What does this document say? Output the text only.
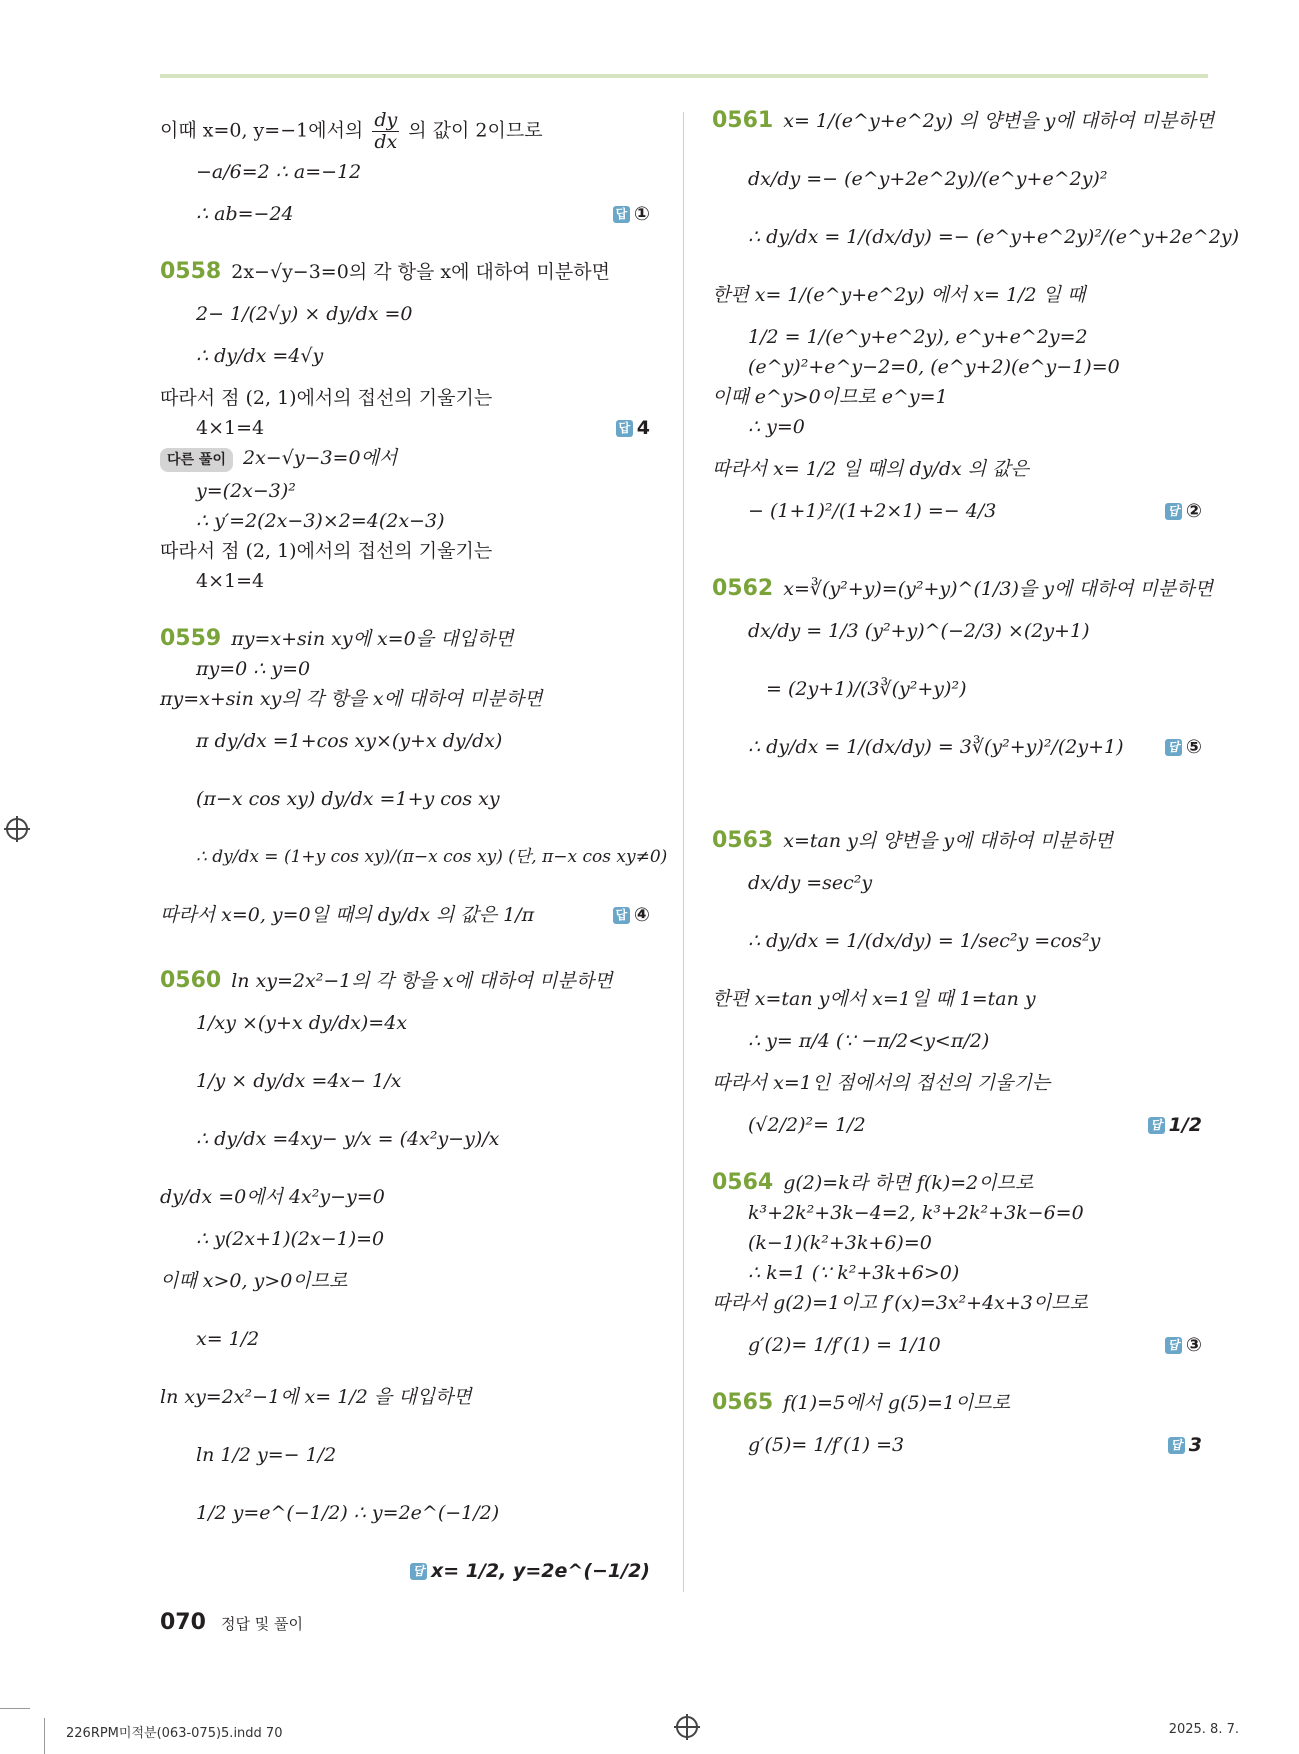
이때 x=0, y=−1에서의 $\frac{dy}{dx}$ 의 값이 2이므로
−a/6=2 ∴ a=−12
∴ ab=−24	답 ①
0558 2x−√y−3=0의 각 항을 x에 대하여 미분하면
2− 1/(2√y) × dy/dx =0
∴ dy/dx =4√y
따라서 점 (2, 1)에서의 접선의 기울기는
4×1=4	답 4
다른 풀이 2x−√y−3=0에서
y=(2x−3)²
∴ y′=2(2x−3)×2=4(2x−3)
따라서 점 (2, 1)에서의 접선의 기울기는
4×1=4
0559 πy=x+sin xy에 x=0을 대입하면
πy=0 ∴ y=0
πy=x+sin xy의 각 항을 x에 대하여 미분하면
π dy/dx =1+cos xy×(y+x dy/dx)
(π−x cos xy) dy/dx =1+y cos xy
∴ dy/dx = (1+y cos xy)/(π−x cos xy) (단, π−x cos xy≠0)
따라서 x=0, y=0일 때의 dy/dx 의 값은 1/π	답 ④
0560 ln xy=2x²−1의 각 항을 x에 대하여 미분하면
1/xy ×(y+x dy/dx)=4x
1/y × dy/dx =4x− 1/x
∴ dy/dx =4xy− y/x = (4x²y−y)/x
dy/dx =0에서 4x²y−y=0
∴ y(2x+1)(2x−1)=0
이때 x>0, y>0이므로
x= 1/2
ln xy=2x²−1에 x= 1/2 을 대입하면
ln 1/2 y=− 1/2
1/2 y=e^(−1/2) ∴ y=2e^(−1/2)
답 x= 1/2, y=2e^(−1/2)
0561 x= 1/(e^y+e^2y) 의 양변을 y에 대하여 미분하면
dx/dy =− (e^y+2e^2y)/(e^y+e^2y)²
∴ dy/dx = 1/(dx/dy) =− (e^y+e^2y)²/(e^y+2e^2y)
한편 x= 1/(e^y+e^2y) 에서 x= 1/2 일 때
1/2 = 1/(e^y+e^2y), e^y+e^2y=2
(e^y)²+e^y−2=0, (e^y+2)(e^y−1)=0
이때 e^y>0이므로 e^y=1
∴ y=0
따라서 x= 1/2 일 때의 dy/dx 의 값은
− (1+1)²/(1+2×1) =− 4/3	답 ②
0562 x=∛(y²+y)=(y²+y)^(1/3)을 y에 대하여 미분하면
dx/dy = 1/3 (y²+y)^(−2/3) ×(2y+1)
= (2y+1)/(3∛(y²+y)²)
∴ dy/dx = 1/(dx/dy) = 3∛(y²+y)²/(2y+1)	답 ⑤
0563 x=tan y의 양변을 y에 대하여 미분하면
dx/dy =sec²y
∴ dy/dx = 1/(dx/dy) = 1/sec²y =cos²y
한편 x=tan y에서 x=1일 때 1=tan y
∴ y= π/4 (∵ −π/2<y<π/2)
따라서 x=1인 점에서의 접선의 기울기는
(√2/2)²= 1/2	답 1/2
0564 g(2)=k라 하면 f(k)=2이므로
k³+2k²+3k−4=2, k³+2k²+3k−6=0
(k−1)(k²+3k+6)=0
∴ k=1 (∵ k²+3k+6>0)
따라서 g(2)=1이고 f′(x)=3x²+4x+3이므로
g′(2)= 1/f′(1) = 1/10	답 ③
0565 f(1)=5에서 g(5)=1이므로
g′(5)= 1/f′(1) =3	답 3
070 정답 및 풀이
226RPM미적분(063-075)5.indd 70	2025. 8. 7.
